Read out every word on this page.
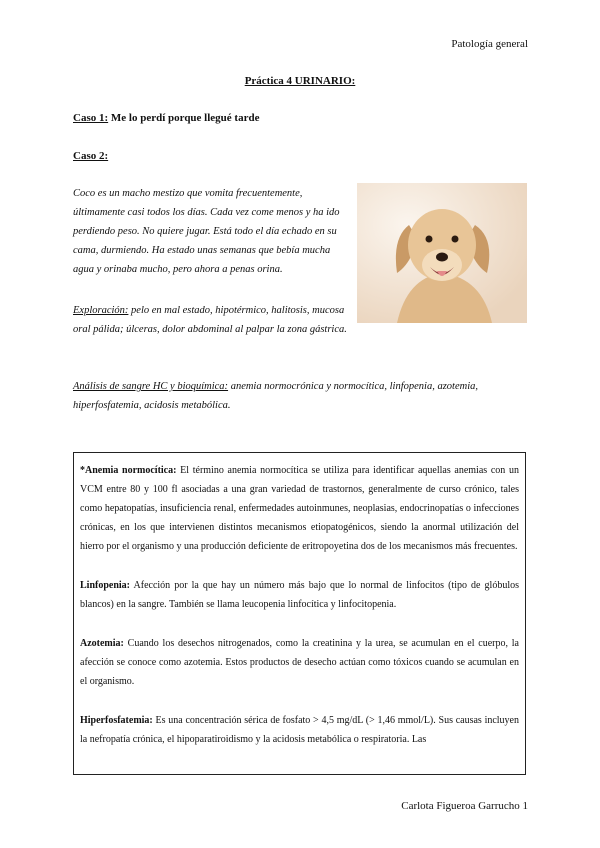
Patología general
Práctica 4 URINARIO:
Caso 1: Me lo perdí porque llegué tarde
Caso 2:
Coco es un macho mestizo que vomita frecuentemente, últimamente casi todos los días. Cada vez come menos y ha ido perdiendo peso. No quiere jugar. Está todo el día echado en su cama, durmiendo. Ha estado unas semanas que bebía mucha agua y orinaba mucho, pero ahora a penas orina.
Exploración: pelo en mal estado, hipotérmico, halitosis, mucosa oral pálida; úlceras, dolor abdominal al palpar la zona gástrica.
Análisis de sangre HC y bioquímica: anemia normocrónica y normocítica, linfopenia, azotemia, hiperfosfatemia, acidosis metabólica.

*Anemia normocítica: El término anemia normocítica se utiliza para identificar aquellas anemias con un VCM entre 80 y 100 fl asociadas a una gran variedad de trastornos, generalmente de curso crónico, tales como hepatopatías, insuficiencia renal, enfermedades autoinmunes, neoplasias, endocrinopatías o infecciones crónicas, en los que intervienen distintos mecanismos etiopatogénicos, siendo la anormal utilización del hierro por el organismo y una producción deficiente de eritropoyetina dos de los mecanismos más frecuentes.

Linfopenia: Afección por la que hay un número más bajo que lo normal de linfocitos (tipo de glóbulos blancos) en la sangre. También se llama leucopenia linfocítica y linfocitopenia.

Azotemia: Cuando los desechos nitrogenados, como la creatinina y la urea, se acumulan en el cuerpo, la afección se conoce como azotemia. Estos productos de desecho actúan como tóxicos cuando se acumulan en el organismo.

Hiperfosfatemia: Es una concentración sérica de fosfato > 4,5 mg/dL (> 1,46 mmol/L). Sus causas incluyen la nefropatía crónica, el hipoparatiroidismo y la acidosis metabólica o respiratoria. Las

Carlota Figueroa Garrucho 1
